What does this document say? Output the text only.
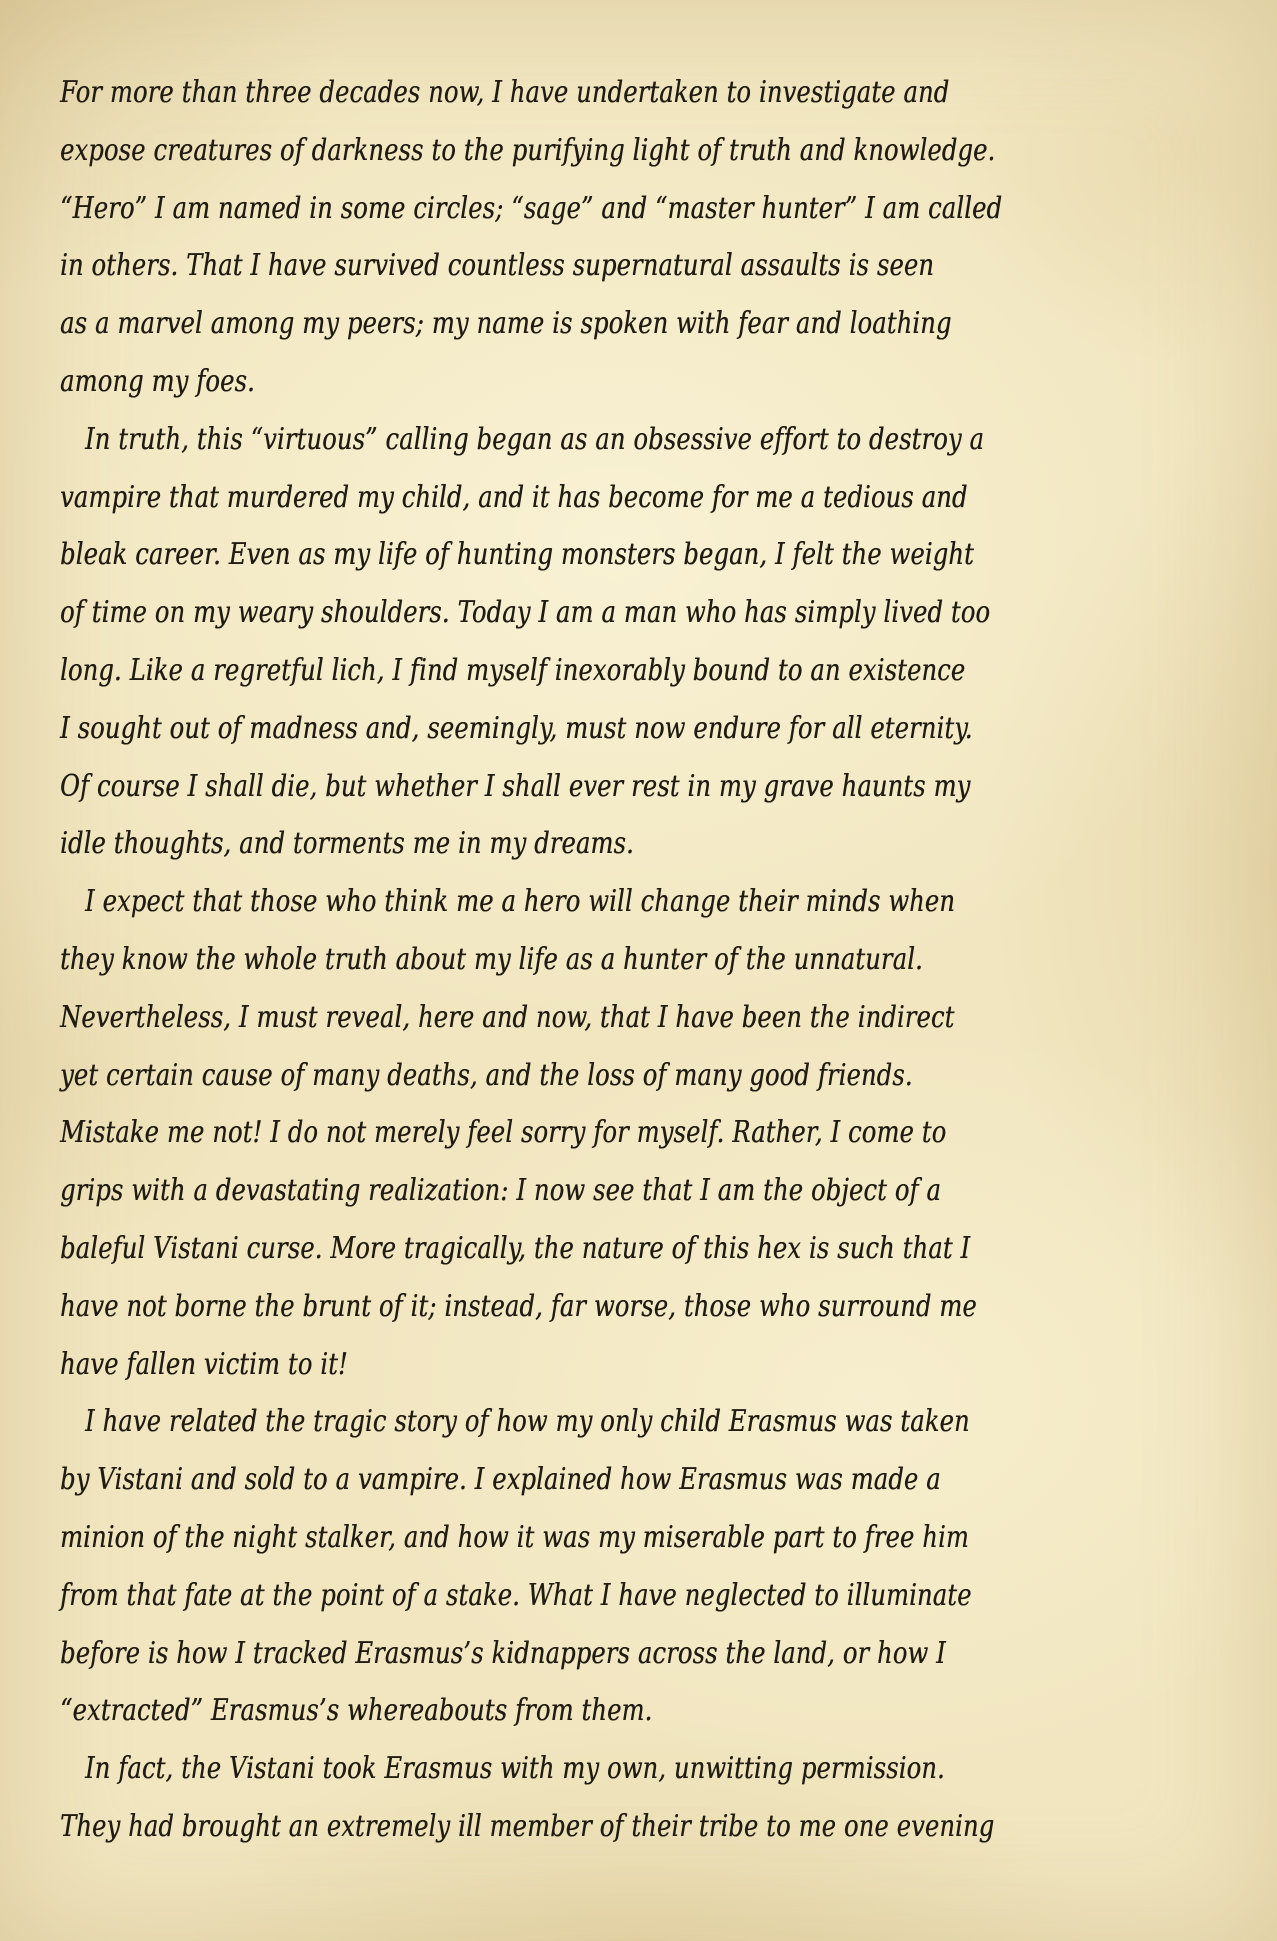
For more than three decades now, I have undertaken to investigate and
expose creatures of darkness to the purifying light of truth and knowledge.
“Hero” I am named in some circles; “sage” and “master hunter” I am called
in others. That I have survived countless supernatural assaults is seen
as a marvel among my peers; my name is spoken with fear and loathing
among my foes.
In truth, this “virtuous” calling began as an obsessive effort to destroy a
vampire that murdered my child, and it has become for me a tedious and
bleak career. Even as my life of hunting monsters began, I felt the weight
of time on my weary shoulders. Today I am a man who has simply lived too
long. Like a regretful lich, I find myself inexorably bound to an existence
I sought out of madness and, seemingly, must now endure for all eternity.
Of course I shall die, but whether I shall ever rest in my grave haunts my
idle thoughts, and torments me in my dreams.
I expect that those who think me a hero will change their minds when
they know the whole truth about my life as a hunter of the unnatural.
Nevertheless, I must reveal, here and now, that I have been the indirect
yet certain cause of many deaths, and the loss of many good friends.
Mistake me not! I do not merely feel sorry for myself. Rather, I come to
grips with a devastating realization: I now see that I am the object of a
baleful Vistani curse. More tragically, the nature of this hex is such that I
have not borne the brunt of it; instead, far worse, those who surround me
have fallen victim to it!
I have related the tragic story of how my only child Erasmus was taken
by Vistani and sold to a vampire. I explained how Erasmus was made a
minion of the night stalker, and how it was my miserable part to free him
from that fate at the point of a stake. What I have neglected to illuminate
before is how I tracked Erasmus’s kidnappers across the land, or how I
“extracted” Erasmus’s whereabouts from them.
In fact, the Vistani took Erasmus with my own, unwitting permission.
They had brought an extremely ill member of their tribe to me one evening
